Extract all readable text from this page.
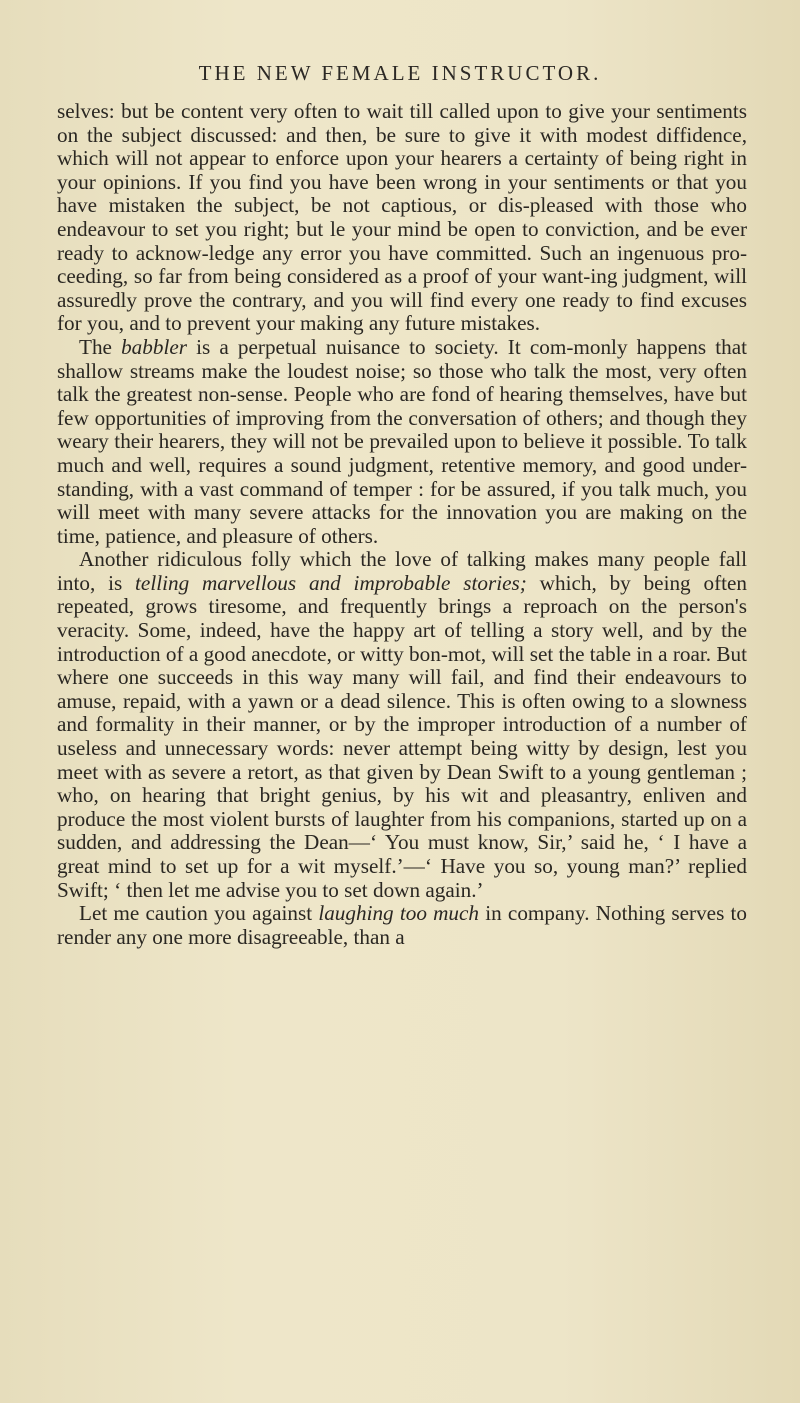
THE NEW FEMALE INSTRUCTOR.

selves: but be content very often to wait till called upon to give your sentiments on the subject discussed: and then, be sure to give it with modest diffidence, which will not appear to enforce upon your hearers a certainty of being right in your opinions. If you find you have been wrong in your sentiments or that you have mistaken the subject, be not captious, or dis-pleased with those who endeavour to set you right; but le your mind be open to conviction, and be ever ready to acknow-ledge any error you have committed. Such an ingenuous pro-ceeding, so far from being considered as a proof of your want-ing judgment, will assuredly prove the contrary, and you will find every one ready to find excuses for you, and to prevent your making any future mistakes.

The babbler is a perpetual nuisance to society. It com-monly happens that shallow streams make the loudest noise; so those who talk the most, very often talk the greatest non-sense. People who are fond of hearing themselves, have but few opportunities of improving from the conversation of others; and though they weary their hearers, they will not be prevailed upon to believe it possible. To talk much and well, requires a sound judgment, retentive memory, and good under-standing, with a vast command of temper : for be assured, if you talk much, you will meet with many severe attacks for the innovation you are making on the time, patience, and pleasure of others.

Another ridiculous folly which the love of talking makes many people fall into, is telling marvellous and improbable stories; which, by being often repeated, grows tiresome, and frequently brings a reproach on the person's veracity. Some, indeed, have the happy art of telling a story well, and by the introduction of a good anecdote, or witty bon-mot, will set the table in a roar. But where one succeeds in this way many will fail, and find their endeavours to amuse, repaid, with a yawn or a dead silence. This is often owing to a slowness and formality in their manner, or by the improper introduction of a number of useless and unnecessary words: never attempt being witty by design, lest you meet with as severe a retort, as that given by Dean Swift to a young gentleman ; who, on hearing that bright genius, by his wit and pleasantry, enliven and produce the most violent bursts of laughter from his companions, started up on a sudden, and addressing the Dean—‘ You must know, Sir,’ said he, ‘ I have a great mind to set up for a wit myself.’—‘ Have you so, young man?’ replied Swift; ‘ then let me advise you to set down again.’

Let me caution you against laughing too much in company. Nothing serves to render any one more disagreeable, than a
